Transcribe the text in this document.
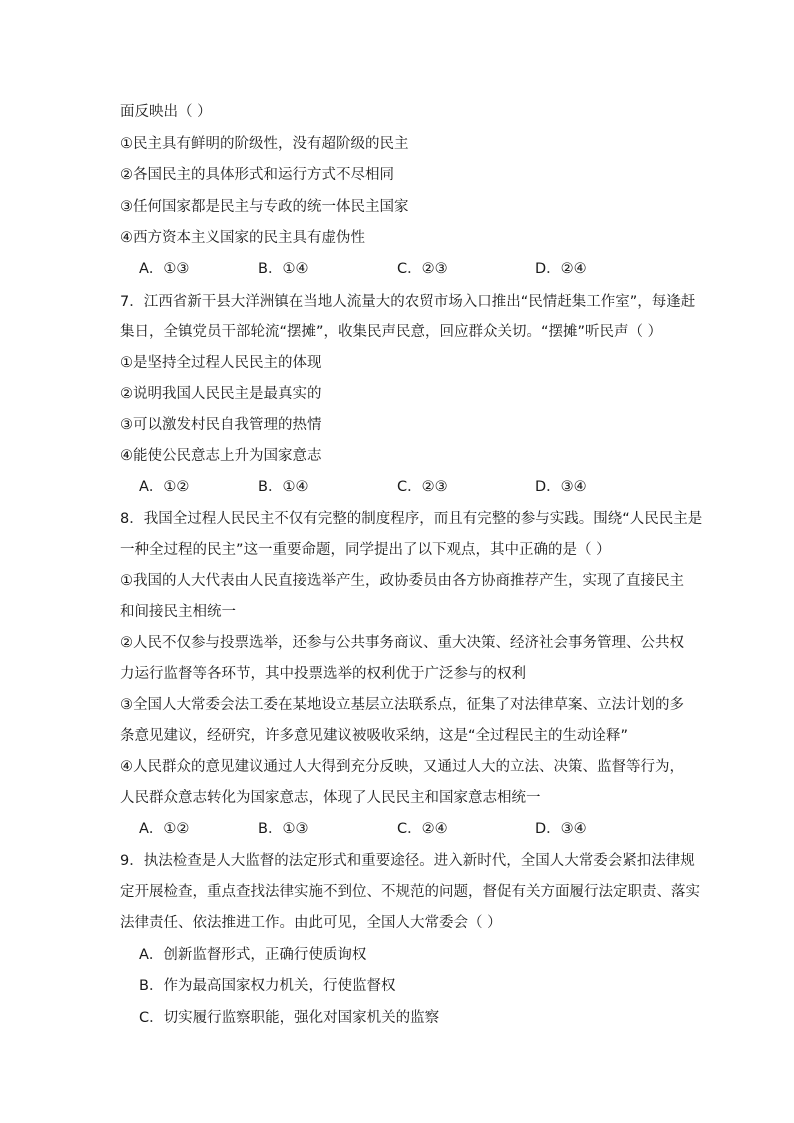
面反映出（ ）
①民主具有鲜明的阶级性，没有超阶级的民主
②各国民主的具体形式和运行方式不尽相同
③任何国家都是民主与专政的统一体民主国家
④西方资本主义国家的民主具有虚伪性
A．①③	B．①④	C．②③	D．②④
7．江西省新干县大洋洲镇在当地人流量大的农贸市场入口推出“民情赶集工作室”，每逢赶
集日，全镇党员干部轮流“摆摊”，收集民声民意，回应群众关切。“摆摊”听民声（ ）
①是坚持全过程人民民主的体现
②说明我国人民民主是最真实的
③可以激发村民自我管理的热情
④能使公民意志上升为国家意志
A．①②	B．①④	C．②③	D．③④
8．我国全过程人民民主不仅有完整的制度程序，而且有完整的参与实践。围绕“人民民主是
一种全过程的民主”这一重要命题，同学提出了以下观点，其中正确的是（ ）
①我国的人大代表由人民直接选举产生，政协委员由各方协商推荐产生，实现了直接民主
和间接民主相统一
②人民不仅参与投票选举，还参与公共事务商议、重大决策、经济社会事务管理、公共权
力运行监督等各环节，其中投票选举的权利优于广泛参与的权利
③全国人大常委会法工委在某地设立基层立法联系点，征集了对法律草案、立法计划的多
条意见建议，经研究，许多意见建议被吸收采纳，这是“全过程民主的生动诠释”
④人民群众的意见建议通过人大得到充分反映，又通过人大的立法、决策、监督等行为，
人民群众意志转化为国家意志，体现了人民民主和国家意志相统一
A．①②	B．①③	C．②④	D．③④
9．执法检查是人大监督的法定形式和重要途径。进入新时代，全国人大常委会紧扣法律规
定开展检查，重点查找法律实施不到位、不规范的问题，督促有关方面履行法定职责、落实
法律责任、依法推进工作。由此可见，全国人大常委会（ ）
A．创新监督形式，正确行使质询权
B．作为最高国家权力机关，行使监督权
C．切实履行监察职能，强化对国家机关的监察
